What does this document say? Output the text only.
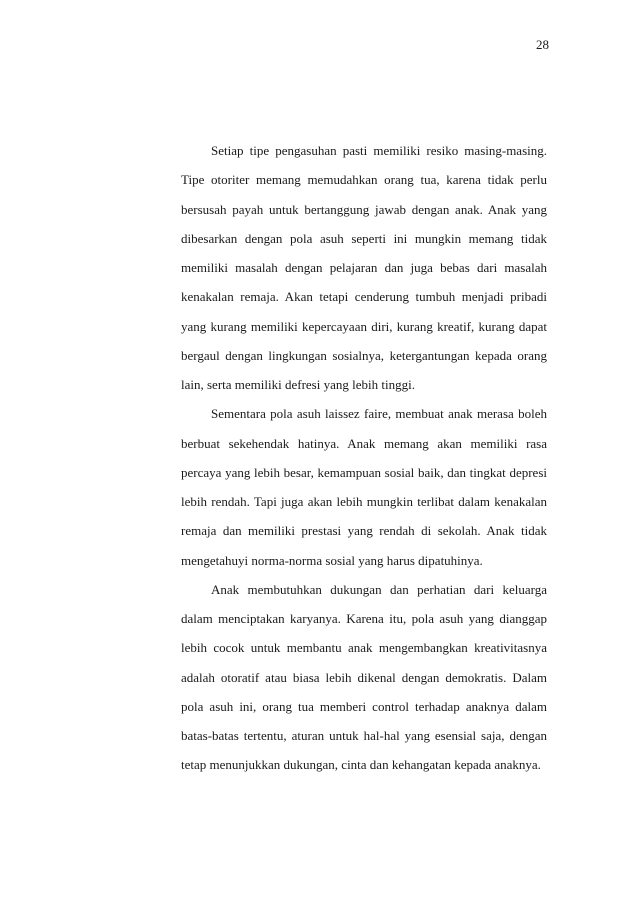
28

Setiap tipe pengasuhan pasti memiliki resiko masing-masing. Tipe otoriter memang memudahkan orang tua, karena tidak perlu bersusah payah untuk bertanggung jawab dengan anak. Anak yang dibesarkan dengan pola asuh seperti ini mungkin memang tidak memiliki masalah dengan pelajaran dan juga bebas dari masalah kenakalan remaja. Akan tetapi cenderung tumbuh menjadi pribadi yang kurang memiliki kepercayaan diri, kurang kreatif, kurang dapat bergaul dengan lingkungan sosialnya, ketergantungan kepada orang lain, serta memiliki defresi yang lebih tinggi.

Sementara pola asuh laissez faire, membuat anak merasa boleh berbuat sekehendak hatinya. Anak memang akan memiliki rasa percaya yang lebih besar, kemampuan sosial baik, dan tingkat depresi lebih rendah. Tapi juga akan lebih mungkin terlibat dalam kenakalan remaja dan memiliki prestasi yang rendah di sekolah. Anak tidak mengetahuyi norma-norma sosial yang harus dipatuhinya.

Anak membutuhkan dukungan dan perhatian dari keluarga dalam menciptakan karyanya. Karena itu, pola asuh yang dianggap lebih cocok untuk membantu anak mengembangkan kreativitasnya adalah otoratif atau biasa lebih dikenal dengan demokratis. Dalam pola asuh ini, orang tua memberi control terhadap anaknya dalam batas-batas tertentu, aturan untuk hal-hal yang esensial saja, dengan tetap menunjukkan dukungan, cinta dan kehangatan kepada anaknya.
